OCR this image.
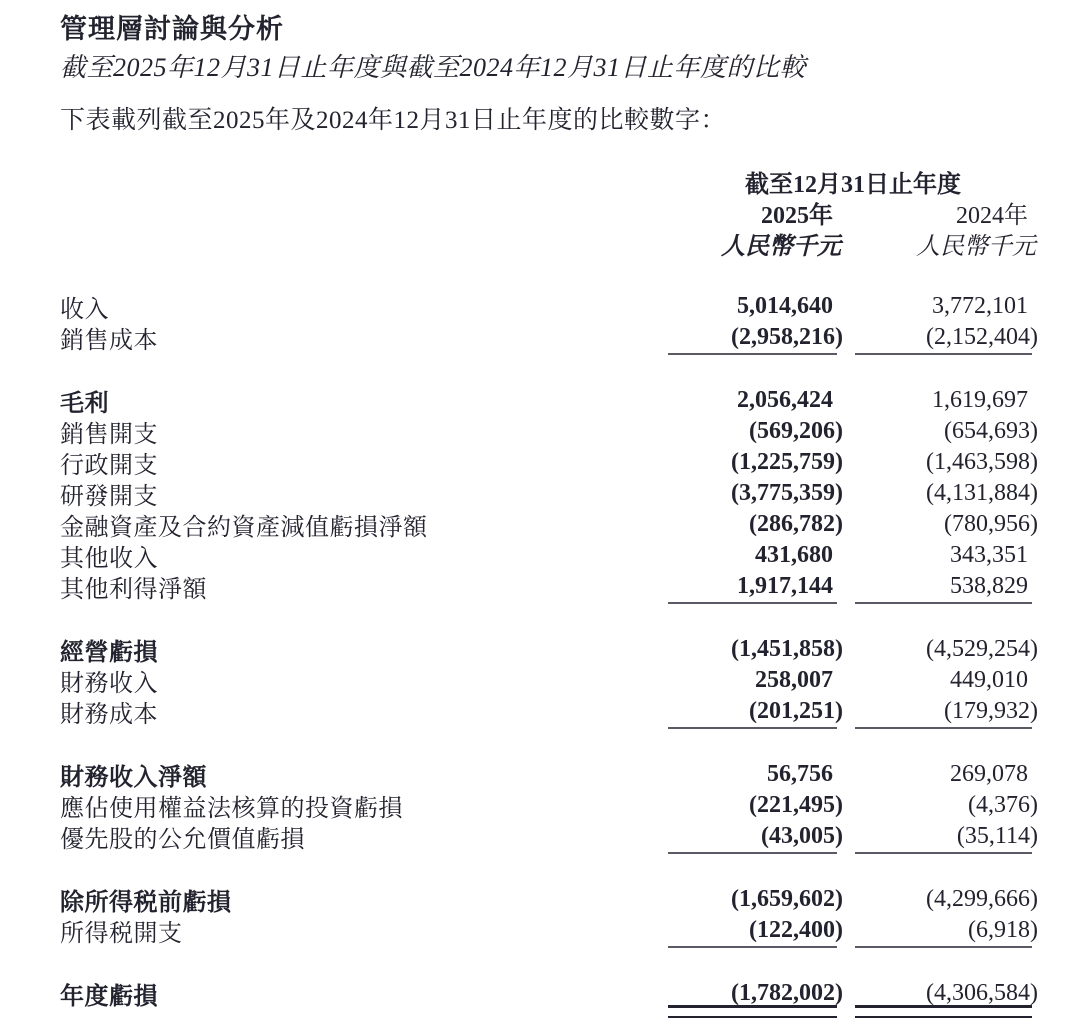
管理層討論與分析
截至2025年12月31日止年度與截至2024年12月31日止年度的比較

下表載列截至2025年及2024年12月31日止年度的比較數字：

截至12月31日止年度
2025年	2024年
人民幣千元	人民幣千元
收入	5,014,640	3,772,101
銷售成本	(2,958,216)	(2,152,404)
毛利	2,056,424	1,619,697
銷售開支	(569,206)	(654,693)
行政開支	(1,225,759)	(1,463,598)
研發開支	(3,775,359)	(4,131,884)
金融資產及合約資產減值虧損淨額	(286,782)	(780,956)
其他收入	431,680	343,351
其他利得淨額	1,917,144	538,829
經營虧損	(1,451,858)	(4,529,254)
財務收入	258,007	449,010
財務成本	(201,251)	(179,932)
財務收入淨額	56,756	269,078
應佔使用權益法核算的投資虧損	(221,495)	(4,376)
優先股的公允價值虧損	(43,005)	(35,114)
除所得税前虧損	(1,659,602)	(4,299,666)
所得税開支	(122,400)	(6,918)
年度虧損	(1,782,002)	(4,306,584)
